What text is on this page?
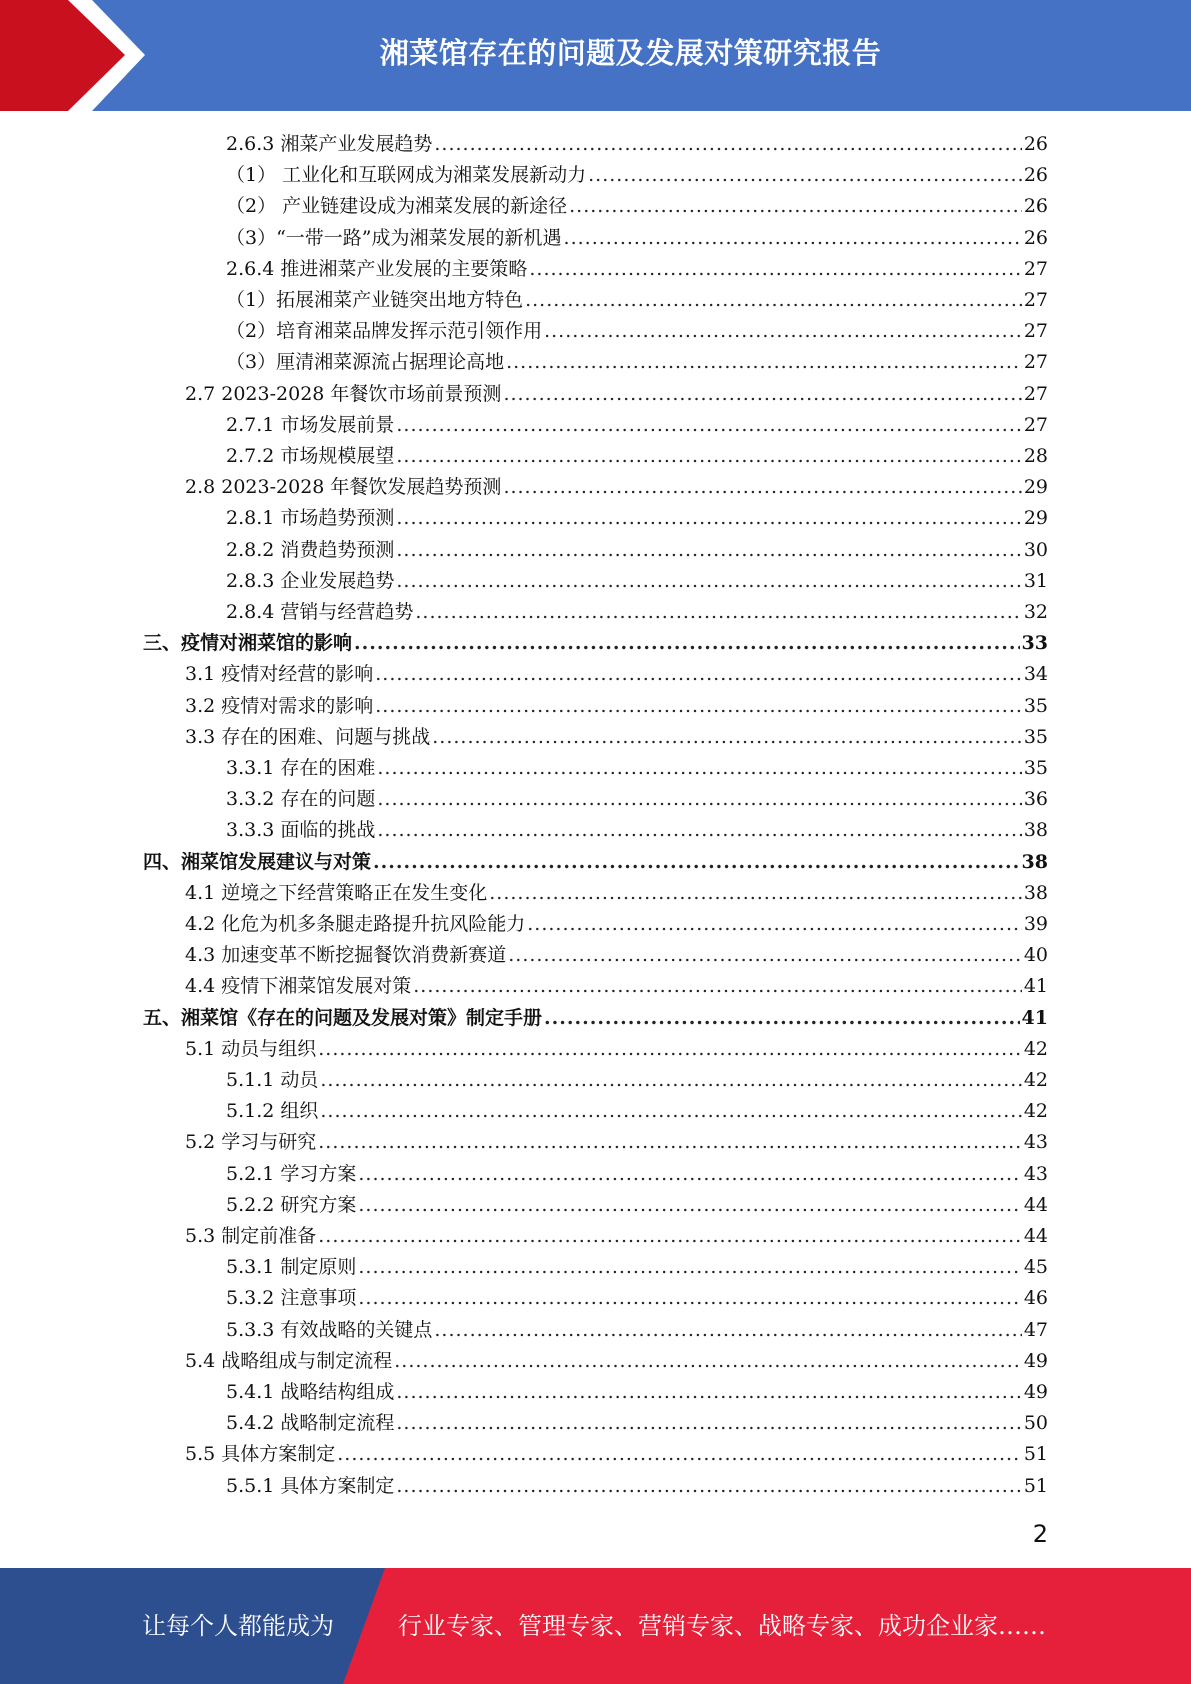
湘菜馆存在的问题及发展对策研究报告
2.6.3 湘菜产业发展趋势 .....	26
（1） 工业化和互联网成为湘菜发展新动力 .....	26
（2） 产业链建设成为湘菜发展的新途径 .....	26
（3）“一带一路”成为湘菜发展的新机遇 .....	26
2.6.4 推进湘菜产业发展的主要策略 .....	27
（1）拓展湘菜产业链突出地方特色 .....	27
（2）培育湘菜品牌发挥示范引领作用 .....	27
（3）厘清湘菜源流占据理论高地 .....	27
2.7 2023-2028 年餐饮市场前景预测 .....	27
2.7.1 市场发展前景 .....	27
2.7.2 市场规模展望 .....	28
2.8 2023-2028 年餐饮发展趋势预测 .....	29
2.8.1 市场趋势预测 .....	29
2.8.2 消费趋势预测 .....	30
2.8.3 企业发展趋势 .....	31
2.8.4 营销与经营趋势 .....	32
三、疫情对湘菜馆的影响 .....	33
3.1 疫情对经营的影响 .....	34
3.2 疫情对需求的影响 .....	35
3.3 存在的困难、问题与挑战 .....	35
3.3.1 存在的困难 .....	35
3.3.2 存在的问题 .....	36
3.3.3 面临的挑战 .....	38
四、湘菜馆发展建议与对策 .....	38
4.1 逆境之下经营策略正在发生变化 .....	38
4.2 化危为机多条腿走路提升抗风险能力 .....	39
4.3 加速变革不断挖掘餐饮消费新赛道 .....	40
4.4 疫情下湘菜馆发展对策 .....	41
五、湘菜馆《存在的问题及发展对策》制定手册 .....	41
5.1 动员与组织 .....	42
5.1.1 动员 .....	42
5.1.2 组织 .....	42
5.2 学习与研究 .....	43
5.2.1 学习方案 .....	43
5.2.2 研究方案 .....	44
5.3 制定前准备 .....	44
5.3.1 制定原则 .....	45
5.3.2 注意事项 .....	46
5.3.3 有效战略的关键点 .....	47
5.4 战略组成与制定流程 .....	49
5.4.1 战略结构组成 .....	49
5.4.2 战略制定流程 .....	50
5.5 具体方案制定 .....	51
5.5.1 具体方案制定 .....	51
2
让每个人都能成为	行业专家、管理专家、营销专家、战略专家、成功企业家……
